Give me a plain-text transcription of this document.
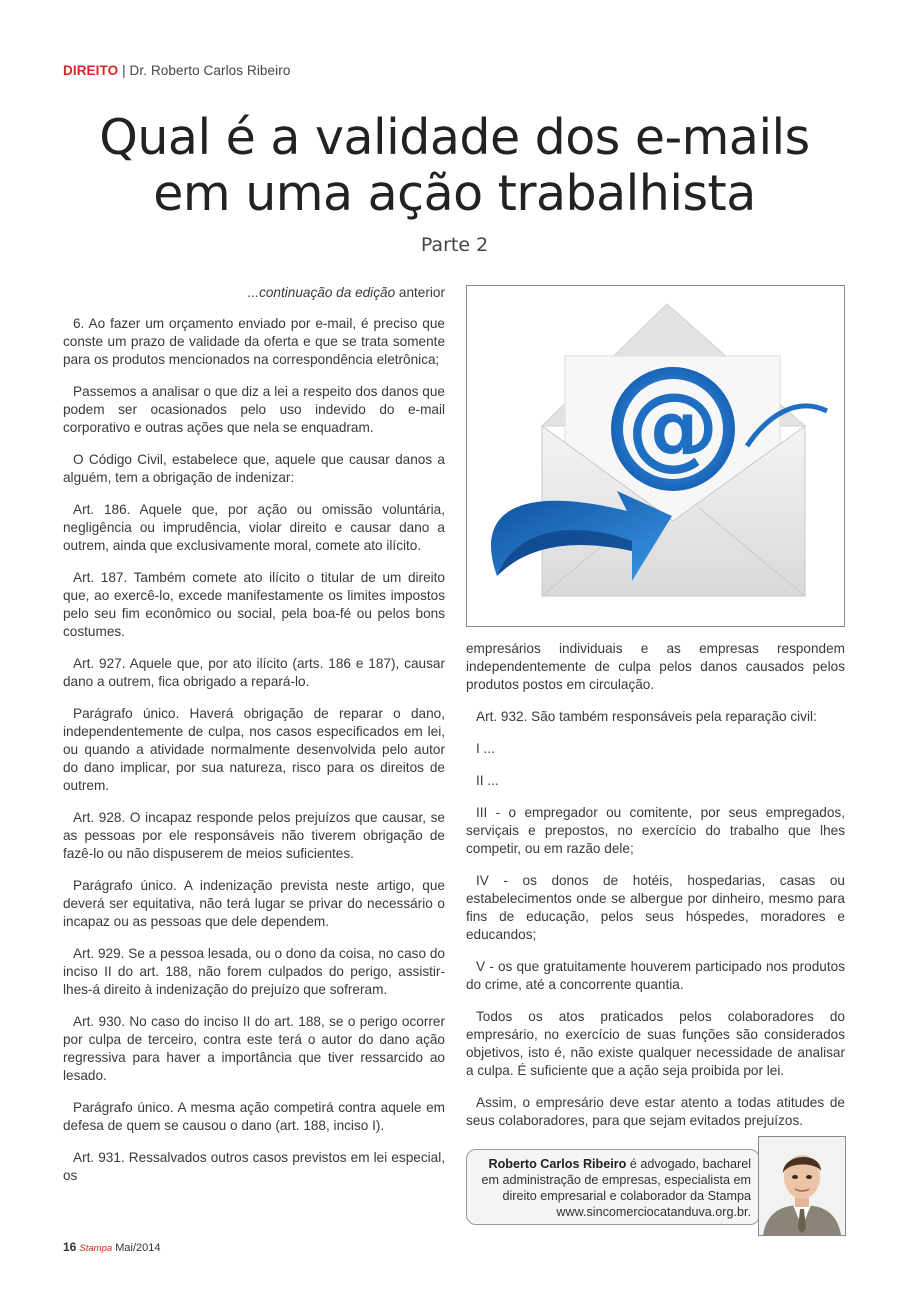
DIREITO | Dr. Roberto Carlos Ribeiro
Qual é a validade dos e-mails
em uma ação trabalhista
Parte 2
...continuação da edição anterior

6. Ao fazer um orçamento enviado por e-mail, é preciso que conste um prazo de validade da oferta e que se trata somente para os produtos mencionados na correspondência eletrônica;

Passemos a analisar o que diz a lei a respeito dos danos que podem ser ocasionados pelo uso indevido do e-mail corporativo e outras ações que nela se enquadram.

O Código Civil, estabelece que, aquele que causar danos a alguém, tem a obrigação de indenizar:

Art. 186. Aquele que, por ação ou omissão voluntária, negligência ou imprudência, violar direito e causar dano a outrem, ainda que exclusivamente moral, comete ato ilícito.

Art. 187. Também comete ato ilícito o titular de um direito que, ao exercê-lo, excede manifestamente os limites impostos pelo seu fim econômico ou social, pela boa-fé ou pelos bons costumes.

Art. 927. Aquele que, por ato ilícito (arts. 186 e 187), causar dano a outrem, fica obrigado a repará-lo.

Parágrafo único. Haverá obrigação de reparar o dano, independentemente de culpa, nos casos especificados em lei, ou quando a atividade normalmente desenvolvida pelo autor do dano implicar, por sua natureza, risco para os direitos de outrem.

Art. 928. O incapaz responde pelos prejuízos que causar, se as pessoas por ele responsáveis não tiverem obrigação de fazê-lo ou não dispuserem de meios suficientes.

Parágrafo único. A indenização prevista neste artigo, que deverá ser equitativa, não terá lugar se privar do necessário o incapaz ou as pessoas que dele dependem.

Art. 929. Se a pessoa lesada, ou o dono da coisa, no caso do inciso II do art. 188, não forem culpados do perigo, assistir-lhes-á direito à indenização do prejuízo que sofreram.

Art. 930. No caso do inciso II do art. 188, se o perigo ocorrer por culpa de terceiro, contra este terá o autor do dano ação regressiva para haver a importância que tiver ressarcido ao lesado.

Parágrafo único. A mesma ação competirá contra aquele em defesa de quem se causou o dano (art. 188, inciso I).

Art. 931. Ressalvados outros casos previstos em lei especial, os

@

empresários individuais e as empresas respondem independentemente de culpa pelos danos causados pelos produtos postos em circulação.

Art. 932. São também responsáveis pela reparação civil:

I ...

II ...

III - o empregador ou comitente, por seus empregados, serviçais e prepostos, no exercício do trabalho que lhes competir, ou em razão dele;

IV - os donos de hotéis, hospedarias, casas ou estabelecimentos onde se albergue por dinheiro, mesmo para fins de educação, pelos seus hóspedes, moradores e educandos;

V - os que gratuitamente houverem participado nos produtos do crime, até a concorrente quantia.

Todos os atos praticados pelos colaboradores do empresário, no exercício de suas funções são considerados objetivos, isto é, não existe qualquer necessidade de analisar a culpa. É suficiente que a ação seja proibida por lei.

Assim, o empresário deve estar atento a todas atitudes de seus colaboradores, para que sejam evitados prejuízos.

Roberto Carlos Ribeiro é advogado, bacharel em administração de empresas, especialista em direito empresarial e colaborador da Stampa
www.sincomerciocatanduva.org.br.
16 Stampa Mai/2014
